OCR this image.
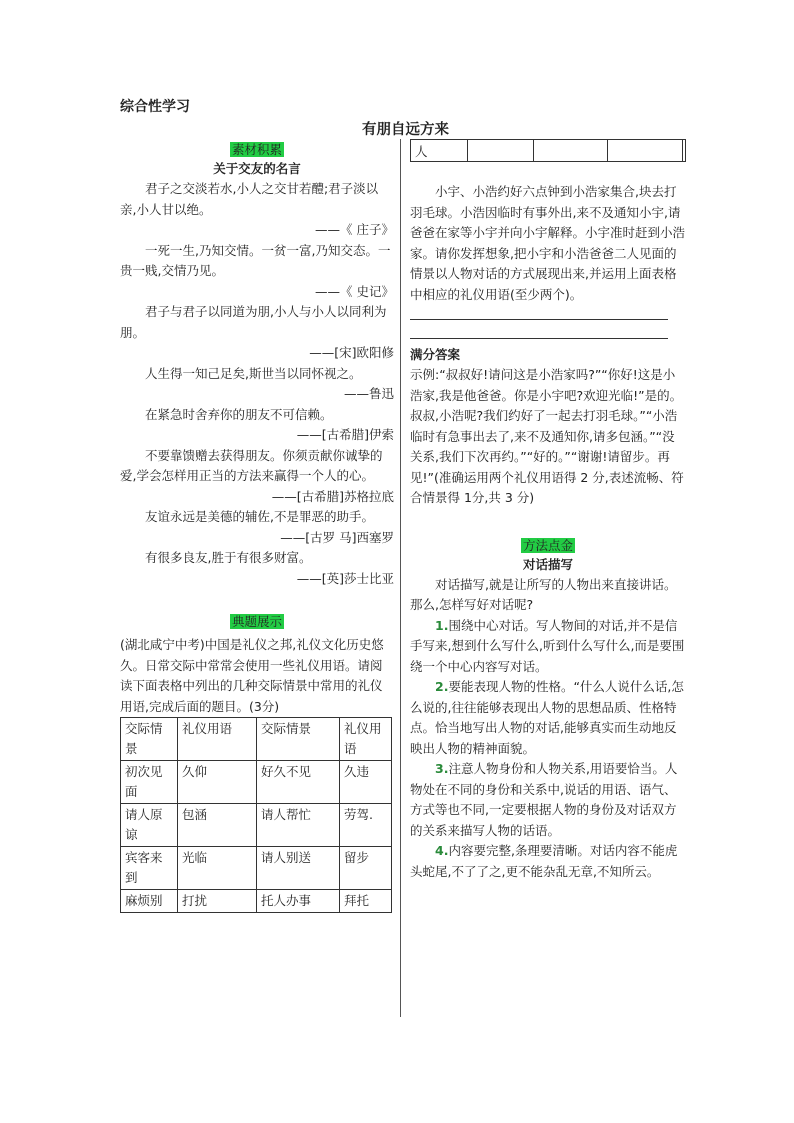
综合性学习
有朋自远方来
素材积累
关于交友的名言

君子之交淡若水,小人之交甘若醴;君子淡以亲,小人甘以绝。

——《 庄子》

一死一生,乃知交情。一贫一富,乃知交态。一贵一贱,交情乃见。

——《 史记》

君子与君子以同道为朋,小人与小人以同利为朋。

——[宋]欧阳修

人生得一知己足矣,斯世当以同怀视之。

——鲁迅

在紧急时舍弃你的朋友不可信赖。

——[古希腊]伊索

不要靠馈赠去获得朋友。你须贡献你诚挚的爱,学会怎样用正当的方法来赢得一个人的心。

——[古希腊]苏格拉底

友谊永远是美德的辅佐,不是罪恶的助手。

——[古罗 马]西塞罗

有很多良友,胜于有很多财富。

——[英]莎士比亚

典题展示

(湖北咸宁中考)中国是礼仪之邦,礼仪文化历史悠久。日常交际中常常会使用一些礼仪用语。请阅读下面表格中列出的几种交际情景中常用的礼仪用语,完成后面的题目。(3分)

交际情景	礼仪用语	交际情景	礼仪用语
初次见面	久仰	好久不见	久违
请人原谅	包涵	请人帮忙	劳驾.
宾客来到	光临	请人别送	留步
麻烦别	打扰	托人办事	拜托
人				

小宇、小浩约好六点钟到小浩家集合,块去打羽毛球。小浩因临时有事外出,来不及通知小宇,请爸爸在家等小宇并向小宇解释。小宇准时赶到小浩家。请你发挥想象,把小宇和小浩爸爸二人见面的情景以人物对话的方式展现出来,并运用上面表格中相应的礼仪用语(至少两个)。

满分答案

示例:“叔叔好!请问这是小浩家吗?”“你好!这是小浩家,我是他爸爸。你是小宇吧?欢迎光临!”是的。叔叔,小浩呢?我们约好了一起去打羽毛球。”“小浩临时有急事出去了,来不及通知你,请多包涵。”“没关系,我们下次再约。”“好的。”“谢谢!请留步。再见!”(准确运用两个礼仪用语得 2 分,表述流畅、符合情景得 1分,共 3 分)

方法点金
对话描写

对话描写,就是让所写的人物出来直接讲话。那么,怎样写好对话呢?

1.围绕中心对话。写人物间的对话,并不是信手写来,想到什么写什么,听到什么写什么,而是要围绕一个中心内容写对话。

2.要能表现人物的性格。“什么人说什么话,怎么说的,往往能够表现出人物的思想品质、性格特点。恰当地写出人物的对话,能够真实而生动地反映出人物的精神面貌。

3.注意人物身份和人物关系,用语要恰当。人物处在不同的身份和关系中,说话的用语、语气、方式等也不同,一定要根据人物的身份及对话双方的关系来描写人物的话语。

4.内容要完整,条理要清晰。对话内容不能虎头蛇尾,不了了之,更不能杂乱无章,不知所云。
